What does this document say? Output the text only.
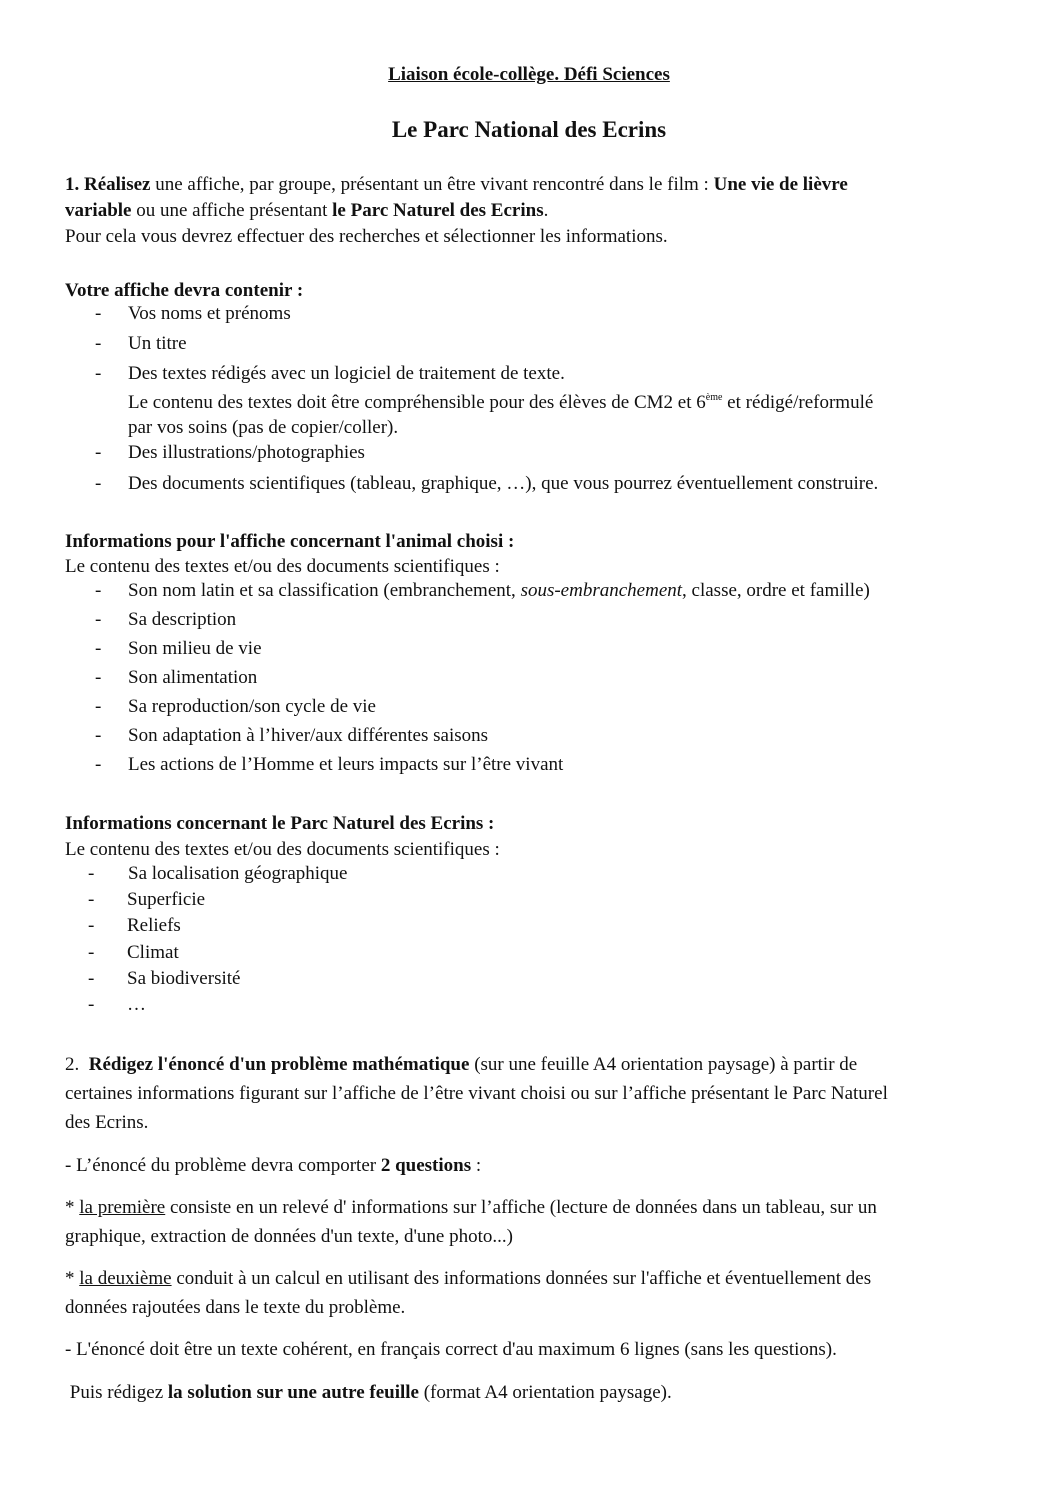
Liaison école-collège. Défi Sciences
Le Parc National des Ecrins
1. Réalisez une affiche, par groupe, présentant un être vivant rencontré dans le film : Une vie de lièvre
variable ou une affiche présentant le Parc Naturel des Ecrins.
Pour cela vous devrez effectuer des recherches et sélectionner les informations.
Votre affiche devra contenir :
- Vos noms et prénoms
- Un titre
- Des textes rédigés avec un logiciel de traitement de texte.
Le contenu des textes doit être compréhensible pour des élèves de CM2 et 6ème et rédigé/reformulé
par vos soins (pas de copier/coller).
- Des illustrations/photographies
- Des documents scientifiques (tableau, graphique, …), que vous pourrez éventuellement construire.
Informations pour l'affiche concernant l'animal choisi :
Le contenu des textes et/ou des documents scientifiques :
- Son nom latin et sa classification (embranchement, sous-embranchement, classe, ordre et famille)
- Sa description
- Son milieu de vie
- Son alimentation
- Sa reproduction/son cycle de vie
- Son adaptation à l’hiver/aux différentes saisons
- Les actions de l’Homme et leurs impacts sur l’être vivant
Informations concernant le Parc Naturel des Ecrins :
Le contenu des textes et/ou des documents scientifiques :
- Sa localisation géographique
- Superficie
- Reliefs
- Climat
- Sa biodiversité
- …
2.  Rédigez l'énoncé d'un problème mathématique (sur une feuille A4 orientation paysage) à partir de
certaines informations figurant sur l’affiche de l’être vivant choisi ou sur l’affiche présentant le Parc Naturel
des Ecrins.
- L’énoncé du problème devra comporter 2 questions :
* la première consiste en un relevé d' informations sur l’affiche (lecture de données dans un tableau, sur un
graphique, extraction de données d'un texte, d'une photo...)
* la deuxième conduit à un calcul en utilisant des informations données sur l'affiche et éventuellement des
données rajoutées dans le texte du problème.
- L'énoncé doit être un texte cohérent, en français correct d'au maximum 6 lignes (sans les questions).
Puis rédigez la solution sur une autre feuille (format A4 orientation paysage).
